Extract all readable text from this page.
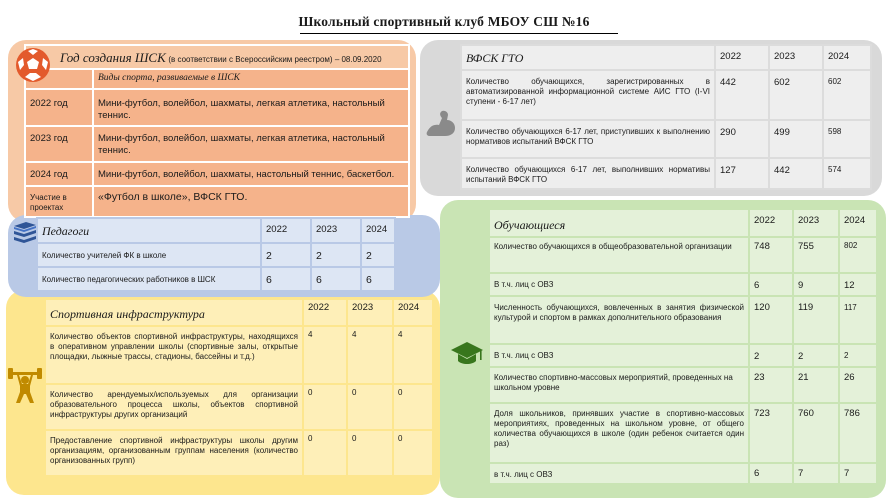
Школьный спортивный клуб МБОУ СШ №16
Год создания ШСК (в соответствии с Всероссийским реестром) – 08.09.2020	
	Виды спорта, развиваемые в ШСК
2022 год	Мини-футбол, волейбол, шахматы, легкая атлетика, настольный теннис.
2023 год	Мини-футбол, волейбол, шахматы, легкая атлетика, настольный теннис.
2024 год	Мини-футбол, волейбол, шахматы, настольный теннис, баскетбол.
Участие в проектах	«Футбол в школе», ВФСК ГТО.
ВФСК ГТО	2022	2023	2024
Количество обучающихся, зарегистрированных в автоматизированной информационной системе АИС ГТО (I-VI ступени - 6-17 лет)	442	602	602
Количество обучающихся 6-17 лет, приступивших к выполнению нормативов испытаний ВФСК ГТО	290	499	598
Количество обучающихся 6-17 лет, выполнивших нормативы испытаний ВФСК ГТО	127	442	574
Педагоги	2022	2023	2024
Количество учителей ФК в школе	2	2	2
Количество педагогических работников в ШСК	6	6	6
Спортивная инфраструктура	2022	2023	2024
Количество объектов спортивной инфраструктуры, находящихся в оперативном управлении школы (спортивные залы, открытые площадки, лыжные трассы, стадионы, бассейны и т.д.)	4	4	4
Количество арендуемых/используемых для организации образовательного процесса школы, объектов спортивной инфраструктуры других организаций	0	0	0
Предоставление спортивной инфраструктуры школы другим организациям, организованным группам населения (количество организованных групп)	0	0	0
Обучающиеся	2022	2023	2024
Количество обучающихся в общеобразовательной организации	748	755	802
В т.ч. лиц с ОВЗ	6	9	12
Численность обучающихся, вовлеченных в занятия физической культурой и спортом в рамках дополнительного образования	120	119	117
В т.ч. лиц с ОВЗ	2	2	2
Количество спортивно-массовых мероприятий, проведенных на школьном уровне	23	21	26
Доля школьников, принявших участие в спортивно-массовых мероприятиях, проведенных на школьном уровне, от общего количества обучающихся в школе (один ребенок считается один раз)	723	760	786
в т.ч. лиц с ОВЗ	6	7	7
